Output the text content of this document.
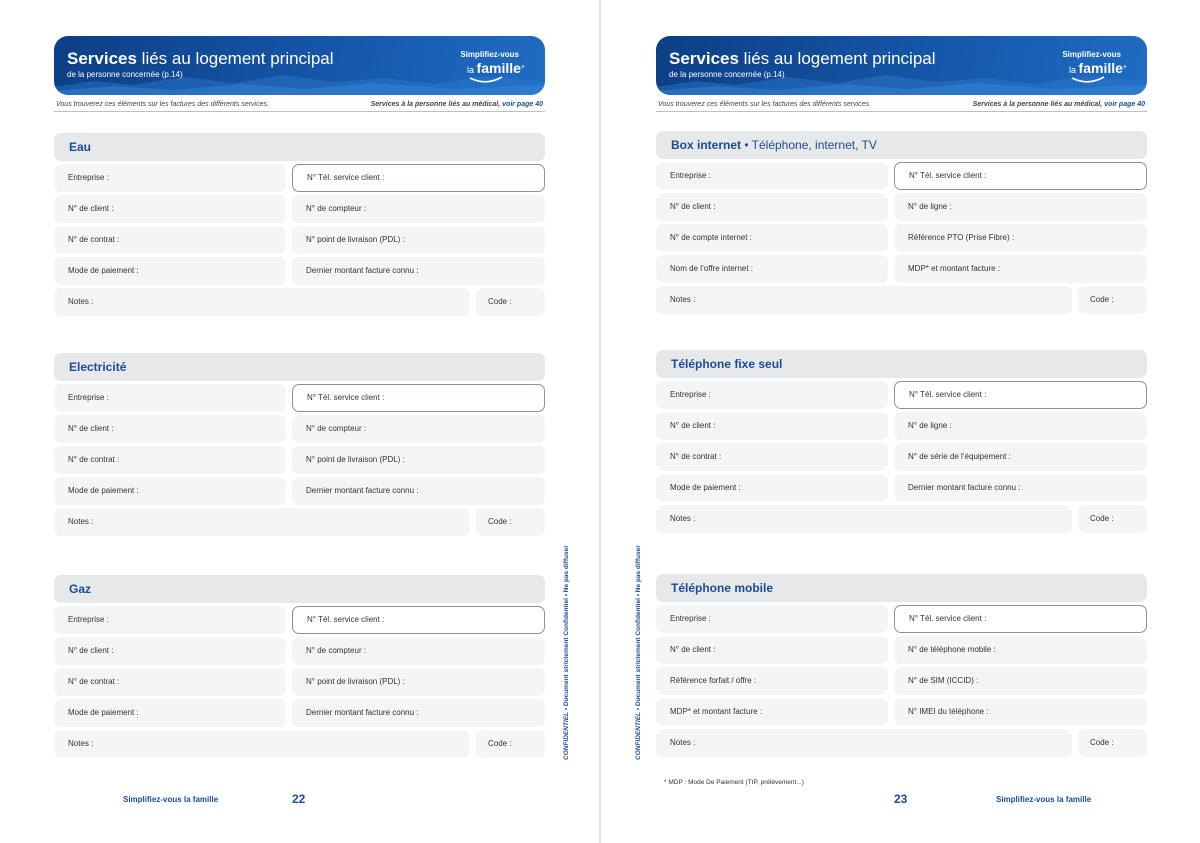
Services liés au logement principal
de la personne concernée (p.14)
Simplifiez-vous
la famille+
Vous trouverez ces éléments sur les factures des différents services.	Services à la personne liés au médical, voir page 40
Eau
Entreprise :	N° Tél. service client :
N° de client :	N° de compteur :
N° de contrat :	N° point de livraison (PDL) :
Mode de paiement :	Dernier montant facture connu :
Notes :	Code :
Electricité
Entreprise :	N° Tél. service client :
N° de client :	N° de compteur :
N° de contrat :	N° point de livraison (PDL) :
Mode de paiement :	Dernier montant facture connu :
Notes :	Code :
Gaz
Entreprise :	N° Tél. service client :
N° de client :	N° de compteur :
N° de contrat :	N° point de livraison (PDL) :
Mode de paiement :	Dernier montant facture connu :
Notes :	Code :	CONFIDENTIEL • Document strictement Confidentiel • Ne pas diffuser
Simplifiez-vous la famille	22
Services liés au logement principal
de la personne concernée (p.14)
Simplifiez-vous
la famille+
Vous trouverez ces éléments sur les factures des différents services.	Services à la personne liés au médical, voir page 40
Box internet • Téléphone, internet, TV
Entreprise :	N° Tél. service client :
N° de client :	N° de ligne :
N° de compte internet :	Référence PTO (Prise Fibre) :
Nom de l’offre internet :	MDP* et montant facture :
Notes :	Code :
Téléphone fixe seul
Entreprise :	N° Tél. service client :
N° de client :	N° de ligne :
N° de contrat :	N° de série de l’équipement :
Mode de paiement :	Dernier montant facture connu :
Notes :	Code :
Téléphone mobile
Entreprise :	N° Tél. service client :
N° de client :	N° de téléphone mobile :
Référence forfait / offre :	N° de SIM (ICCID) :
MDP* et montant facture :	N° IMEI du téléphone :
Notes :	Code :
CONFIDENTIEL • Document strictement Confidentiel • Ne pas diffuser
* MDP : Mode De Paiement (TIP, prélèvement...)
23	Simplifiez-vous la famille
